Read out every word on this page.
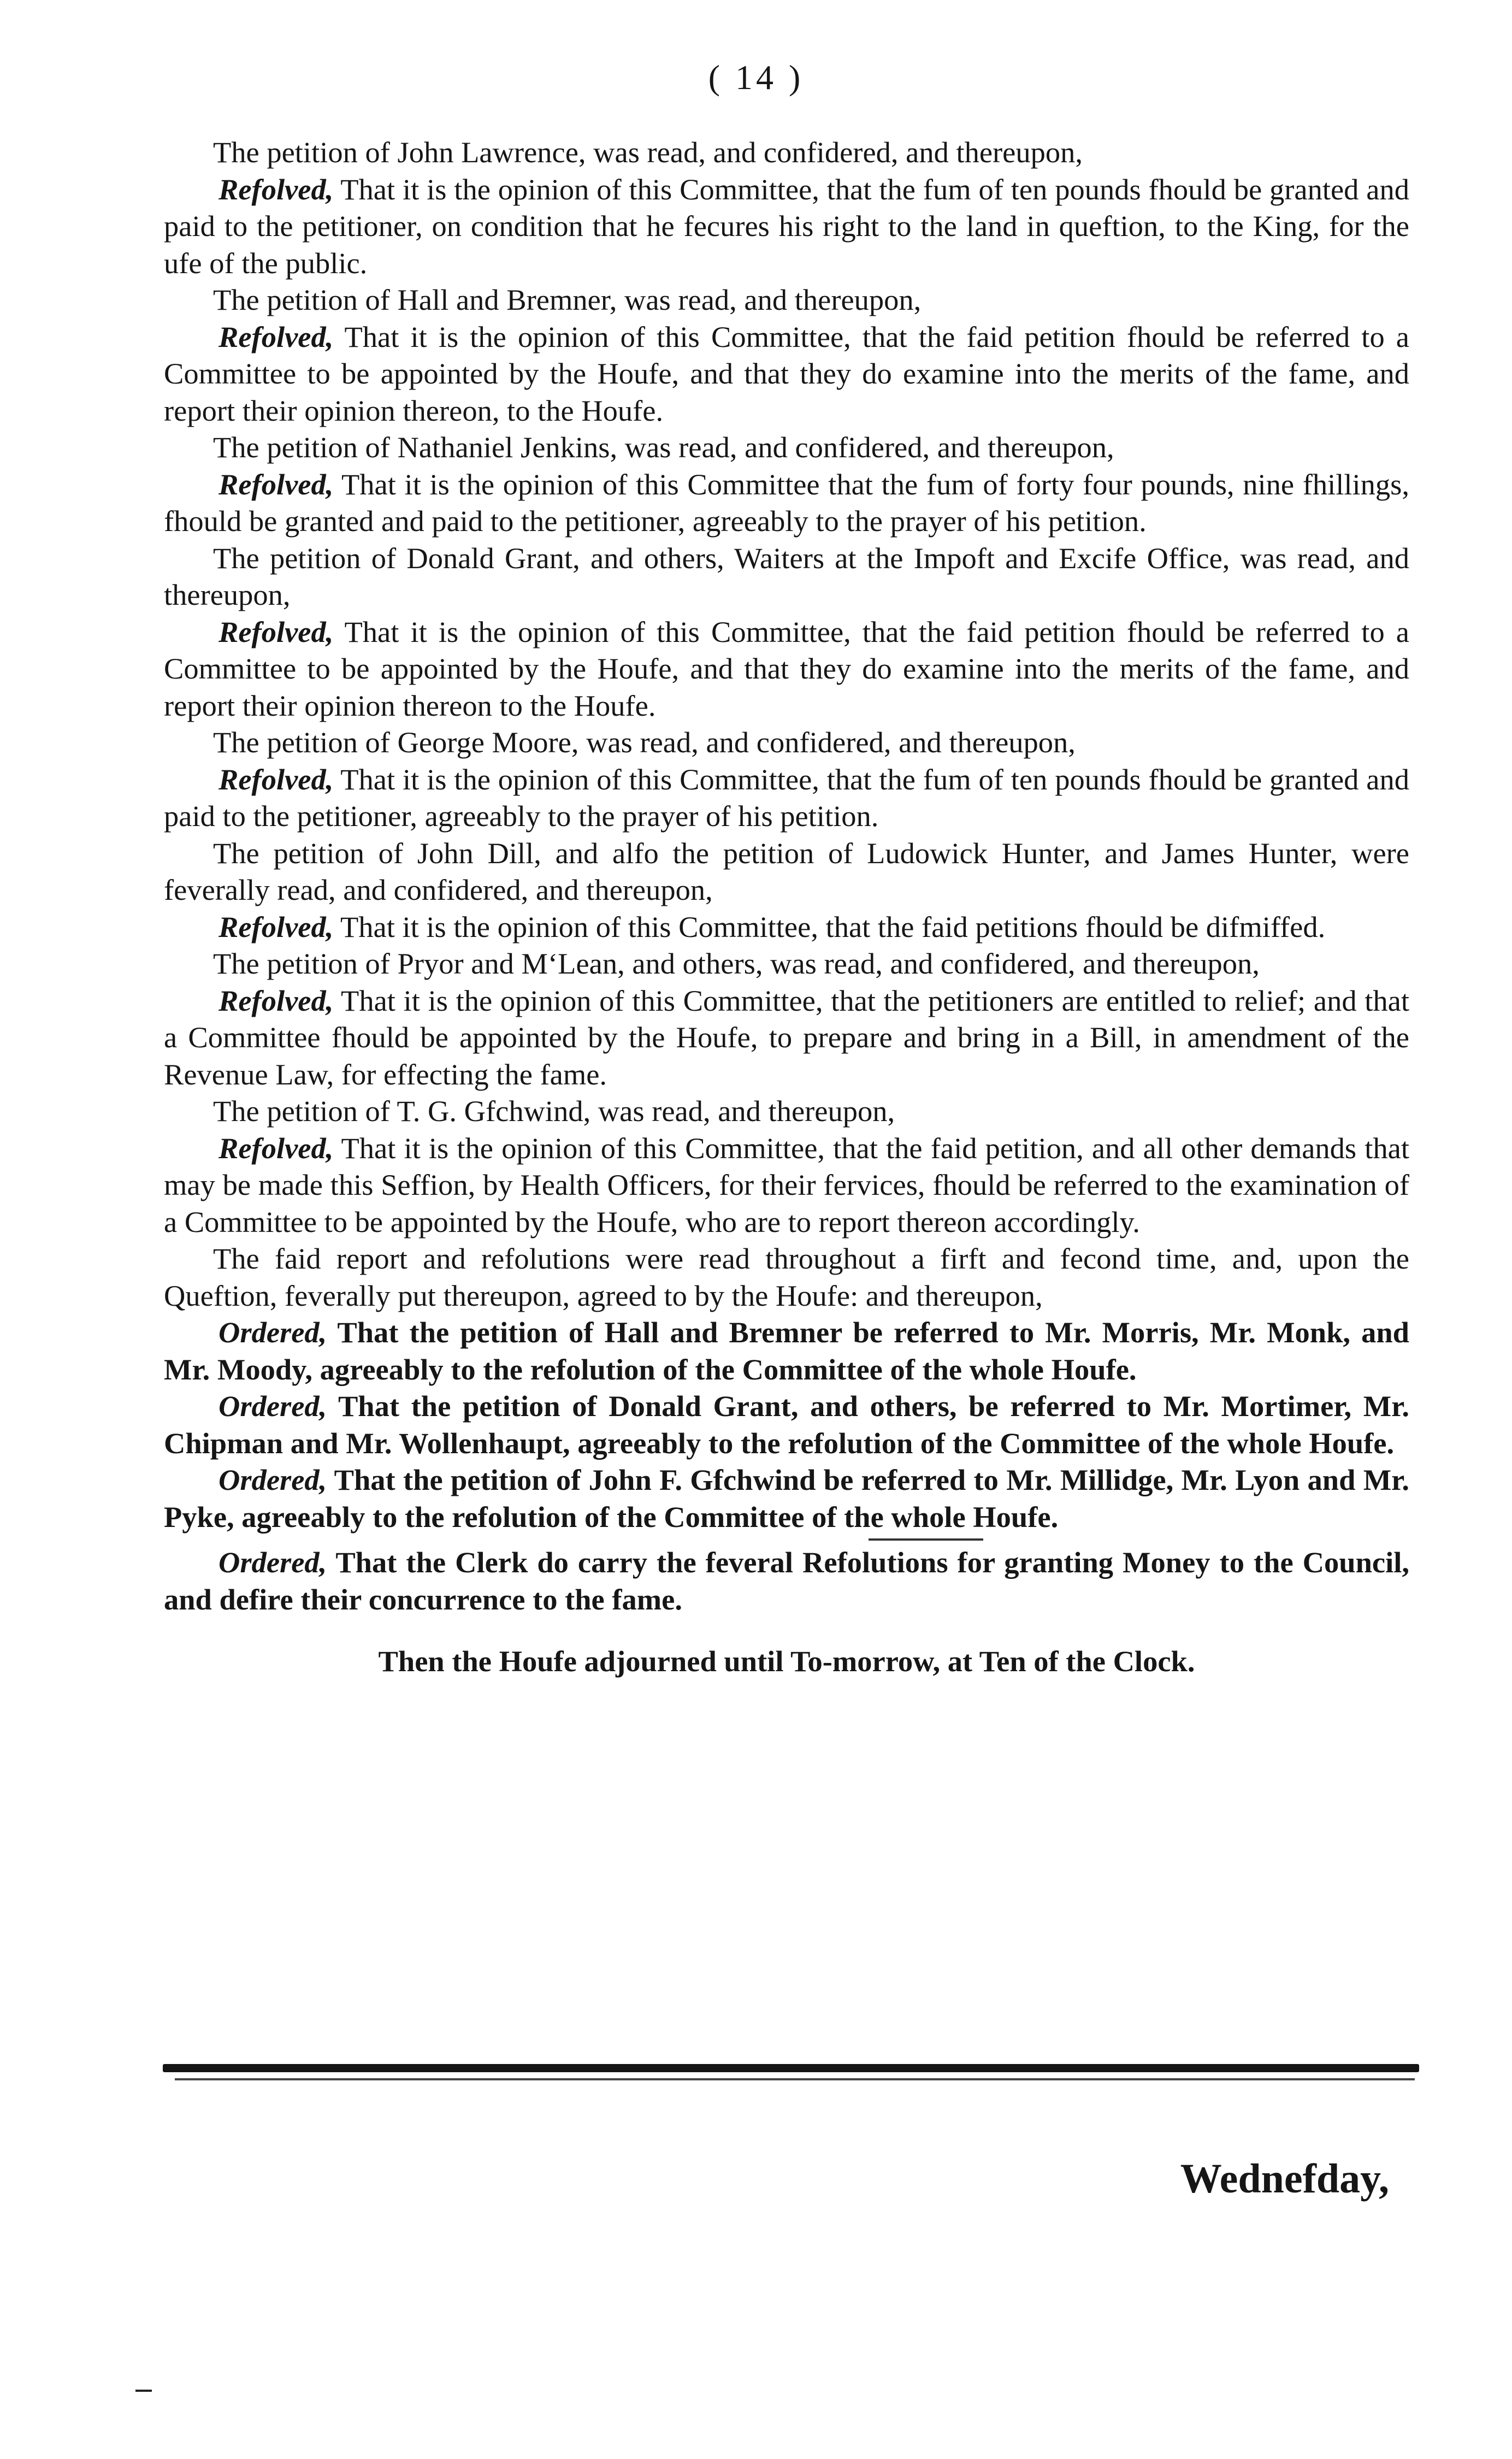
( 14 )

The petition of John Lawrence, was read, and confidered, and thereupon,

Refolved, That it is the opinion of this Committee, that the fum of ten pounds fhould be granted and paid to the petitioner, on condition that he fecures his right to the land in queftion, to the King, for the ufe of the public.

The petition of Hall and Bremner, was read, and thereupon,

Refolved, That it is the opinion of this Committee, that the faid petition fhould be referred to a Committee to be appointed by the Houfe, and that they do examine into the merits of the fame, and report their opinion thereon, to the Houfe.

The petition of Nathaniel Jenkins, was read, and confidered, and thereupon,

Refolved, That it is the opinion of this Committee that the fum of forty four pounds, nine fhillings, fhould be granted and paid to the petitioner, agreeably to the prayer of his petition.

The petition of Donald Grant, and others, Waiters at the Impoft and Excife Office, was read, and thereupon,

Refolved, That it is the opinion of this Committee, that the faid petition fhould be referred to a Committee to be appointed by the Houfe, and that they do examine into the merits of the fame, and report their opinion thereon to the Houfe.

The petition of George Moore, was read, and confidered, and thereupon,

Refolved, That it is the opinion of this Committee, that the fum of ten pounds fhould be granted and paid to the petitioner, agreeably to the prayer of his petition.

The petition of John Dill, and alfo the petition of Ludowick Hunter, and James Hunter, were feverally read, and confidered, and thereupon,

Refolved, That it is the opinion of this Committee, that the faid petitions fhould be difmiffed.

The petition of Pryor and M‘Lean, and others, was read, and confidered, and thereupon,

Refolved, That it is the opinion of this Committee, that the petitioners are entitled to relief; and that a Committee fhould be appointed by the Houfe, to prepare and bring in a Bill, in amendment of the Revenue Law, for effecting the fame.

The petition of T. G. Gfchwind, was read, and thereupon,

Refolved, That it is the opinion of this Committee, that the faid petition, and all other demands that may be made this Seffion, by Health Officers, for their fervices, fhould be referred to the examination of a Committee to be appointed by the Houfe, who are to report thereon accordingly.

The faid report and refolutions were read throughout a firft and fecond time, and, upon the Queftion, feverally put thereupon, agreed to by the Houfe: and thereupon,

Ordered, That the petition of Hall and Bremner be referred to Mr. Morris, Mr. Monk, and Mr. Moody, agreeably to the refolution of the Committee of the whole Houfe.

Ordered, That the petition of Donald Grant, and others, be referred to Mr. Mortimer, Mr. Chipman and Mr. Wollenhaupt, agreeably to the refolution of the Committee of the whole Houfe.

Ordered, That the petition of John F. Gfchwind be referred to Mr. Millidge, Mr. Lyon and Mr. Pyke, agreeably to the refolution of the Committee of the whole Houfe.

Ordered, That the Clerk do carry the feveral Refolutions for granting Money to the Council, and defire their concurrence to the fame.

Then the Houfe adjourned until To-morrow, at Ten of the Clock.
Wednefday,
